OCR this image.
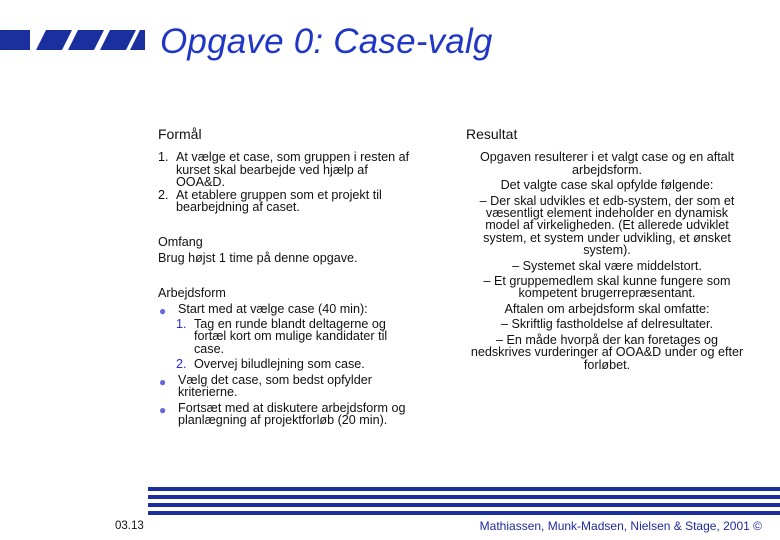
Opgave 0: Case-valg
Formål
1. At vælge et case, som gruppen i resten af kurset skal bearbejde ved hjælp af OOA&D.
2. At etablere gruppen som et projekt til bearbejdning af caset.
Omfang
Brug højst 1 time på denne opgave.
Arbejdsform
● Start med at vælge case (40 min):
1. Tag en runde blandt deltagerne og fortæl kort om mulige kandidater til case.
2. Overvej biludlejning som case.
● Vælg det case, som bedst opfylder kriterierne.
● Fortsæt med at diskutere arbejdsform og planlægning af projektforløb (20 min).
Resultat
Opgaven resulterer i et valgt case og en aftalt arbejdsform.
Det valgte case skal opfylde følgende:
– Der skal udvikles et edb-system, der som et væsentligt element indeholder en dynamisk model af virkeligheden. (Et allerede udviklet system, et system under udvikling, et ønsket system).
– Systemet skal være middelstort.
– Et gruppemedlem skal kunne fungere som kompetent brugerrepræsentant.
Aftalen om arbejdsform skal omfatte:
– Skriftlig fastholdelse af delresultater.
– En måde hvorpå der kan foretages og nedskrives vurderinger af OOA&D under og efter forløbet.
03.13	Mathiassen, Munk-Madsen, Nielsen & Stage, 2001 ©
